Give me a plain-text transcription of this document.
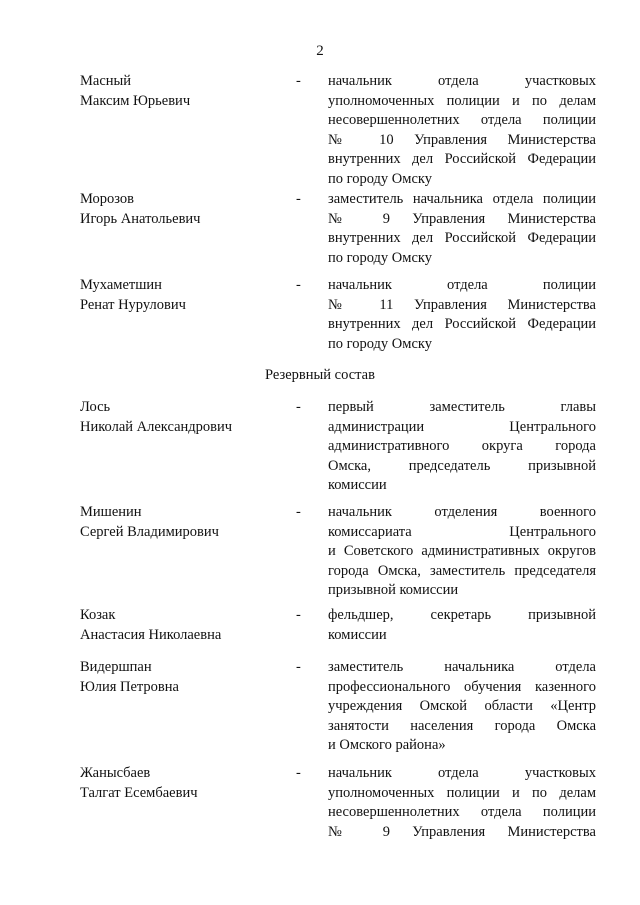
2
Масный
Максим Юрьевич
- начальник отдела участковых
уполномоченных полиции и по делам
несовершеннолетних отдела полиции
№ 10 Управления Министерства
внутренних дел Российской Федерации
по городу Омску
Морозов
Игорь Анатольевич
- заместитель начальника отдела полиции
№ 9 Управления Министерства
внутренних дел Российской Федерации
по городу Омску
Мухаметшин
Ренат Нурулович
- начальник отдела полиции
№ 11 Управления Министерства
внутренних дел Российской Федерации
по городу Омску
Резервный состав
Лось
Николай Александрович
- первый заместитель главы
администрации Центрального
административного округа города
Омска, председатель призывной
комиссии
Мишенин
Сергей Владимирович
- начальник отделения военного
комиссариата Центрального
и Советского административных округов
города Омска, заместитель председателя
призывной комиссии
Козак
Анастасия Николаевна
- фельдшер, секретарь призывной
комиссии
Видершпан
Юлия Петровна
- заместитель начальника отдела
профессионального обучения казенного
учреждения Омской области «Центр
занятости населения города Омска
и Омского района»
Жанысбаев
Талгат Есембаевич
- начальник отдела участковых
уполномоченных полиции и по делам
несовершеннолетних отдела полиции
№ 9 Управления Министерства
